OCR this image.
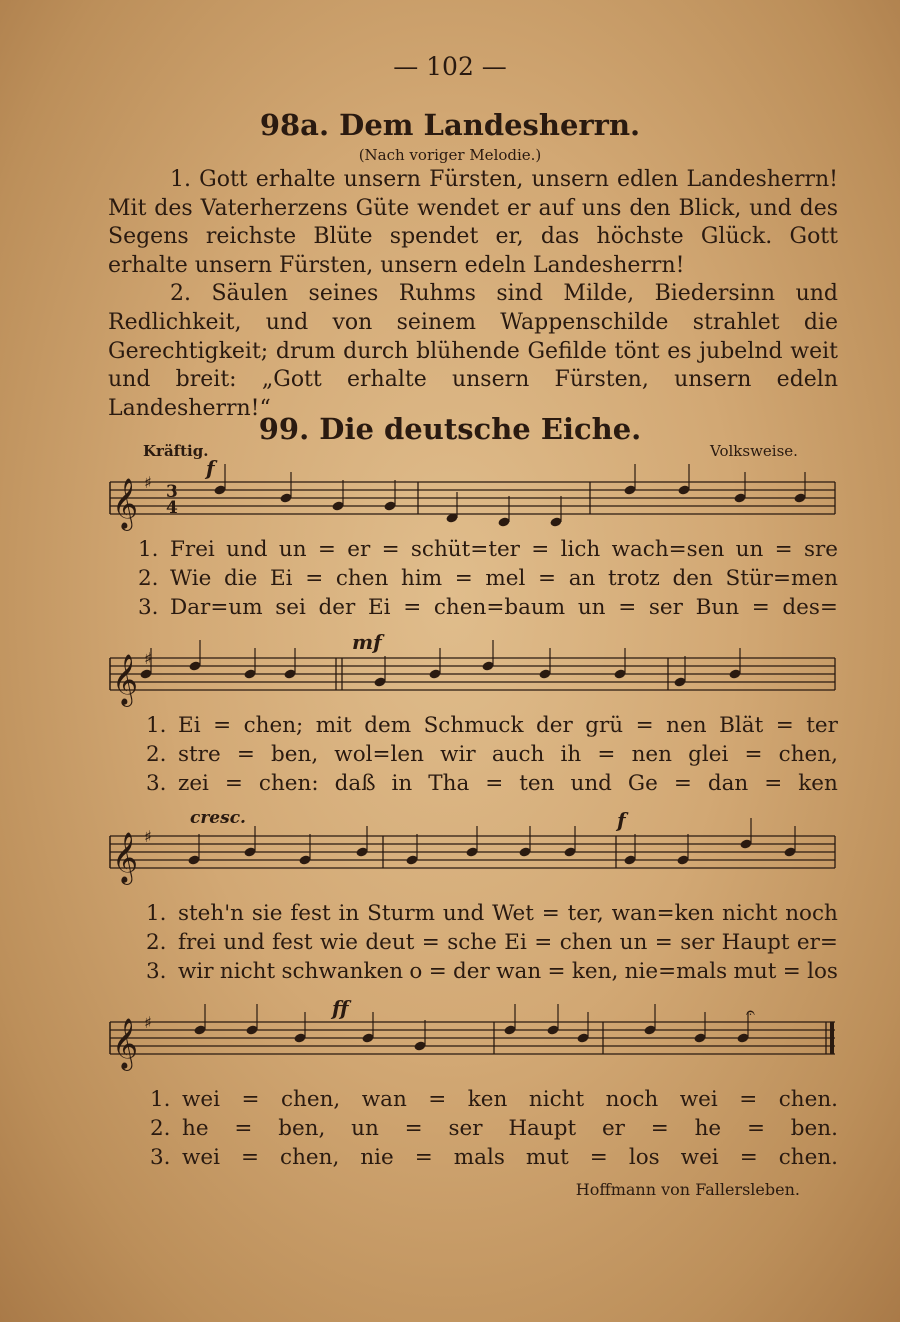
— 102 —
98a. Dem Landesherrn.
(Nach voriger Melodie.)

1. Gott erhalte unsern Fürsten, unsern edlen Landesherrn! Mit des Vaterherzens Güte wendet er auf uns den Blick, und des Segens reichste Blüte spendet er, das höchste Glück. Gott erhalte unsern Fürsten, unsern edeln Landesherrn!

2. Säulen seines Ruhms sind Milde, Biedersinn und Redlichkeit, und von seinem Wappenschilde strahlet die Gerechtigkeit; drum durch blühende Gefilde tönt es jubelnd weit und breit: „Gott erhalte unsern Fürsten, unsern edeln Landesherrn!“

99. Die deutsche Eiche.
Kräftig.	Volksweise.
f
mf
cresc.	f
ff
𝄞 ♯ 3
4
𝄞 ♯
𝄞 ♯
𝄞 ♯
𝄐
1. Frei und un = er = schüt=ter = lich wach=sen un = sre
2. Wie die Ei = chen him = mel = an trotz den Stür=men
3. Dar=um sei der Ei = chen=baum un = ser Bun = des=
1. Ei = chen; mit dem Schmuck der grü = nen Blät = ter
2. stre = ben, wol=len wir auch ih = nen glei = chen,
3. zei = chen: daß in Tha = ten und Ge = dan = ken
1. steh'n sie fest in Sturm und Wet = ter, wan=ken nicht noch
2. frei und fest wie deut = sche Ei = chen un = ser Haupt er=
3. wir nicht schwanken o = der wan = ken, nie=mals mut = los
1. wei = chen, wan = ken nicht noch wei = chen.
2. he = ben, un = ser Haupt er = he = ben.
3. wei = chen, nie = mals mut = los wei = chen.
Hoffmann von Fallersleben.
